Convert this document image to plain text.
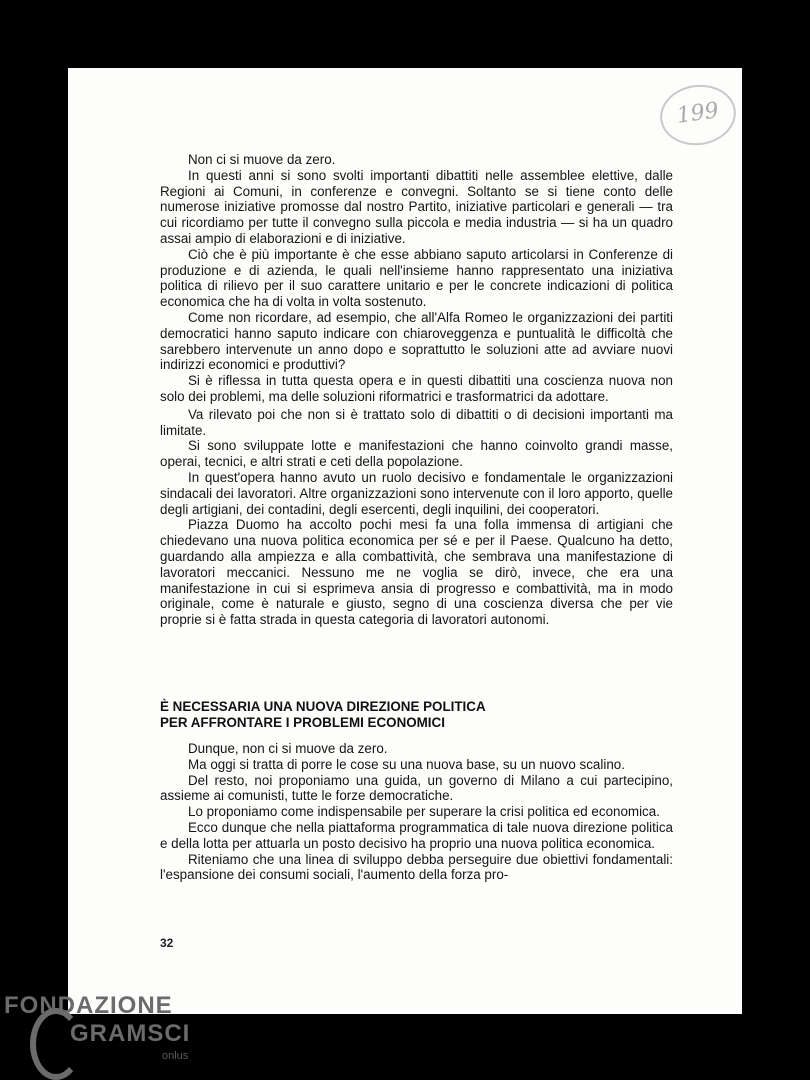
199

Non ci si muove da zero.

In questi anni si sono svolti importanti dibattiti nelle assemblee elettive, dalle Regioni ai Comuni, in conferenze e convegni. Soltanto se si tiene conto delle numerose iniziative promosse dal nostro Partito, iniziative particolari e generali — tra cui ricordiamo per tutte il convegno sulla piccola e media industria — si ha un quadro assai ampio di elaborazioni e di iniziative.

Ciò che è più importante è che esse abbiano saputo articolarsi in Conferenze di produzione e di azienda, le quali nell'insieme hanno rappresentato una iniziativa politica di rilievo per il suo carattere unitario e per le concrete indicazioni di politica economica che ha di volta in volta sostenuto.

Come non ricordare, ad esempio, che all'Alfa Romeo le organizzazioni dei partiti democratici hanno saputo indicare con chiaroveggenza e puntualità le difficoltà che sarebbero intervenute un anno dopo e soprattutto le soluzioni atte ad avviare nuovi indirizzi economici e produttivi?

Si è riflessa in tutta questa opera e in questi dibattiti una coscienza nuova non solo dei problemi, ma delle soluzioni riformatrici e trasformatrici da adottare.

Va rilevato poi che non si è trattato solo di dibattiti o di decisioni importanti ma limitate.

Si sono sviluppate lotte e manifestazioni che hanno coinvolto grandi masse, operai, tecnici, e altri strati e ceti della popolazione.

In quest'opera hanno avuto un ruolo decisivo e fondamentale le organizzazioni sindacali dei lavoratori. Altre organizzazioni sono intervenute con il loro apporto, quelle degli artigiani, dei contadini, degli esercenti, degli inquilini, dei cooperatori.

Piazza Duomo ha accolto pochi mesi fa una folla immensa di artigiani che chiedevano una nuova politica economica per sé e per il Paese. Qualcuno ha detto, guardando alla ampiezza e alla combattività, che sembrava una manifestazione di lavoratori meccanici. Nessuno me ne voglia se dirò, invece, che era una manifestazione in cui si esprimeva ansia di progresso e combattività, ma in modo originale, come è naturale e giusto, segno di una coscienza diversa che per vie proprie si è fatta strada in questa categoria di lavoratori autonomi.

È NECESSARIA UNA NUOVA DIREZIONE POLITICA
PER AFFRONTARE I PROBLEMI ECONOMICI

Dunque, non ci si muove da zero.

Ma oggi si tratta di porre le cose su una nuova base, su un nuovo scalino.

Del resto, noi proponiamo una guida, un governo di Milano a cui partecipino, assieme ai comunisti, tutte le forze democratiche.

Lo proponiamo come indispensabile per superare la crisi politica ed economica.

Ecco dunque che nella piattaforma programmatica di tale nuova direzione politica e della lotta per attuarla un posto decisivo ha proprio una nuova politica economica.

Riteniamo che una linea di sviluppo debba perseguire due obiettivi fondamentali: l'espansione dei consumi sociali, l'aumento della forza pro-

32
FONDAZIONE
GRAMSCI
onlus
